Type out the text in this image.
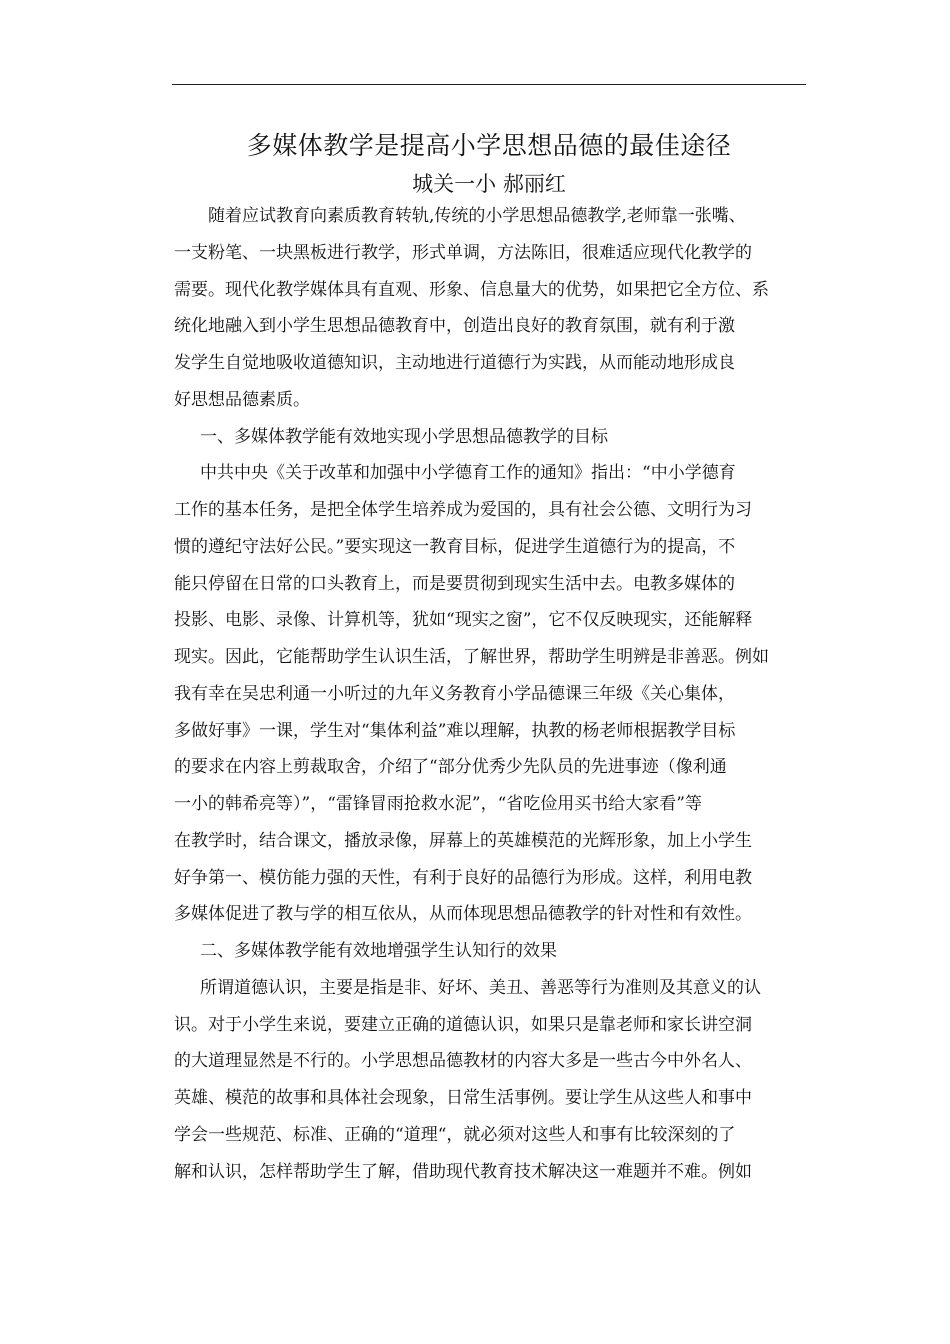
多媒体教学是提高小学思想品德的最佳途径
城关一小 郝丽红
随着应试教育向素质教育转轨,传统的小学思想品德教学,老师靠一张嘴、
一支粉笔、一块黑板进行教学，形式单调，方法陈旧，很难适应现代化教学的
需要。现代化教学媒体具有直观、形象、信息量大的优势，如果把它全方位、系
统化地融入到小学生思想品德教育中，创造出良好的教育氛围，就有利于激
发学生自觉地吸收道德知识，主动地进行道德行为实践，从而能动地形成良
好思想品德素质。
一、多媒体教学能有效地实现小学思想品德教学的目标
中共中央《关于改革和加强中小学德育工作的通知》指出：“中小学德育
工作的基本任务，是把全体学生培养成为爱国的，具有社会公德、文明行为习
惯的遵纪守法好公民。”要实现这一教育目标，促进学生道德行为的提高，不
能只停留在日常的口头教育上，而是要贯彻到现实生活中去。电教多媒体的
投影、电影、录像、计算机等，犹如“现实之窗”，它不仅反映现实，还能解释
现实。因此，它能帮助学生认识生活，了解世界，帮助学生明辨是非善恶。例如
我有幸在吴忠利通一小听过的九年义务教育小学品德课三年级《关心集体，
多做好事》一课，学生对“集体利益”难以理解，执教的杨老师根据教学目标
的要求在内容上剪裁取舍，介绍了“部分优秀少先队员的先进事迹（像利通
一小的韩希亮等）”，“雷锋冒雨抢救水泥”，“省吃俭用买书给大家看”等
在教学时，结合课文，播放录像，屏幕上的英雄模范的光辉形象，加上小学生
好争第一、模仿能力强的天性，有利于良好的品德行为形成。这样，利用电教
多媒体促进了教与学的相互依从，从而体现思想品德教学的针对性和有效性。
二、多媒体教学能有效地增强学生认知行的效果
所谓道德认识，主要是指是非、好坏、美丑、善恶等行为准则及其意义的认
识。对于小学生来说，要建立正确的道德认识，如果只是靠老师和家长讲空洞
的大道理显然是不行的。小学思想品德教材的内容大多是一些古今中外名人、
英雄、模范的故事和具体社会现象，日常生活事例。要让学生从这些人和事中
学会一些规范、标准、正确的“道理“，就必须对这些人和事有比较深刻的了
解和认识，怎样帮助学生了解，借助现代教育技术解决这一难题并不难。例如
